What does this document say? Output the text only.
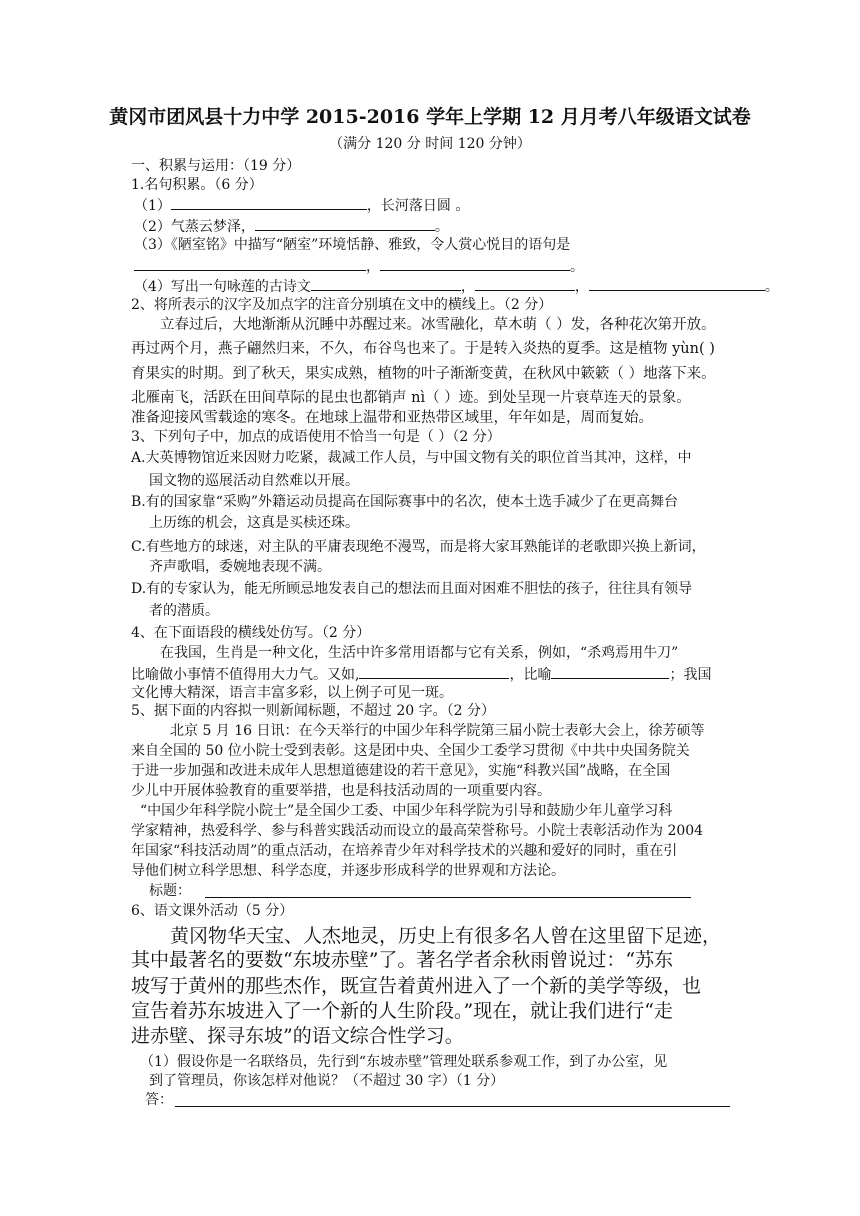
黄冈市团风县十力中学 2015-2016 学年上学期 12 月月考八年级语文试卷
（满分 120 分 时间 120 分钟）
一、积累与运用：（19 分）
1.名句积累。（6 分）
（1）	，长河落日圆 。
（2）气蒸云梦泽，	。
（3）《陋室铭》中描写“陋室”环境恬静、雅致，令人赏心悦目的语句是
，	。
（4）写出一句咏莲的古诗文	，	，	。
2、将所表示的汉字及加点字的注音分别填在文中的横线上。（2 分）
立春过后，大地渐渐从沉睡中苏醒过来。冰雪融化，草木萌（ ）发，各种花次第开放。
再过两个月，燕子翩然归来，不久，布谷鸟也来了。于是转入炎热的夏季。这是植物 yùn( )
育果实的时期。到了秋天，果实成熟，植物的叶子渐渐变黄，在秋风中簌簌（ ）地落下来。
北雁南飞，活跃在田间草际的昆虫也都销声 nì（ ）迹。到处呈现一片衰草连天的景象。
准备迎接风雪载途的寒冬。在地球上温带和亚热带区域里，年年如是，周而复始。
3、下列句子中，加点的成语使用不恰当一句是（ ）（2 分）
A.大英博物馆近来因财力吃紧，裁减工作人员，与中国文物有关的职位首当其冲，这样，中
国文物的巡展活动自然难以开展。
B.有的国家靠“采购”外籍运动员提高在国际赛事中的名次，使本土选手减少了在更高舞台
上历练的机会，这真是买椟还珠。
C.有些地方的球迷，对主队的平庸表现绝不漫骂，而是将大家耳熟能详的老歌即兴换上新词，
齐声歌唱，委婉地表现不满。
D.有的专家认为，能无所顾忌地发表自己的想法而且面对困难不胆怯的孩子，往往具有领导
者的潜质。
4、在下面语段的横线处仿写。（2 分）
在我国，生肖是一种文化，生活中许多常用语都与它有关系，例如，“杀鸡焉用牛刀”
比喻做小事情不值得用大力气。又如,	，比喻	；我国
文化博大精深，语言丰富多彩，以上例子可见一斑。
5、据下面的内容拟一则新闻标题，不超过 20 字。（2 分）
北京 5 月 16 日讯：在今天举行的中国少年科学院第三届小院士表彰大会上，徐芳硕等
来自全国的 50 位小院士受到表彰。这是团中央、全国少工委学习贯彻《中共中央国务院关
于进一步加强和改进未成年人思想道德建设的若干意见》，实施“科教兴国”战略，在全国
少儿中开展体验教育的重要举措，也是科技活动周的一项重要内容。
“中国少年科学院小院士”是全国少工委、中国少年科学院为引导和鼓励少年儿童学习科
学家精神，热爱科学、参与科普实践活动而设立的最高荣誉称号。小院士表彰活动作为 2004
年国家“科技活动周”的重点活动，在培养青少年对科学技术的兴趣和爱好的同时，重在引
导他们树立科学思想、科学态度，并逐步形成科学的世界观和方法论。
标题：
6、语文课外活动（5 分）
黄冈物华天宝、人杰地灵，历史上有很多名人曾在这里留下足迹，
其中最著名的要数“东坡赤壁”了。著名学者余秋雨曾说过：“苏东
坡写于黄州的那些杰作，既宣告着黄州进入了一个新的美学等级，也
宣告着苏东坡进入了一个新的人生阶段。”现在，就让我们进行“走
进赤壁、探寻东坡”的语文综合性学习。
（1）假设你是一名联络员，先行到“东坡赤壁”管理处联系参观工作，到了办公室，见
到了管理员，你该怎样对他说？（不超过 30 字）（1 分）
答：
